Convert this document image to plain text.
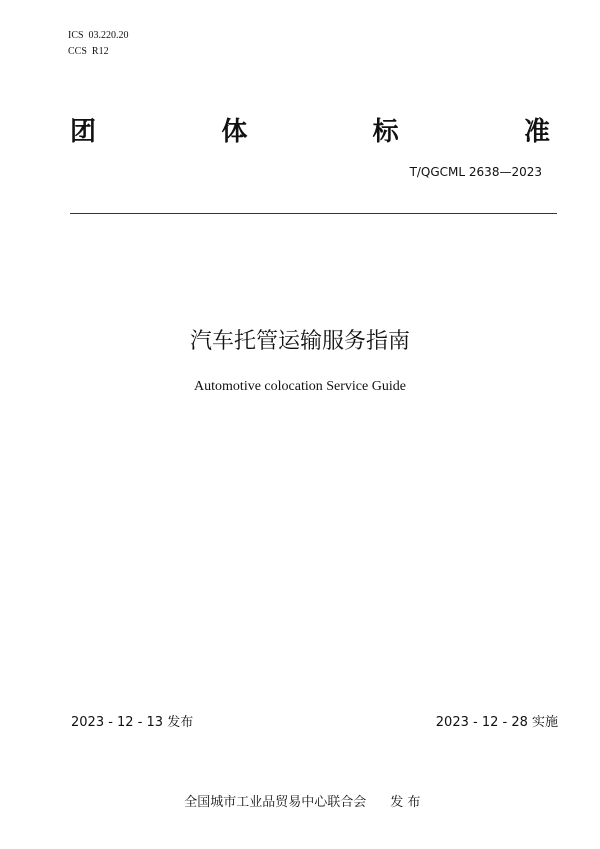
ICS  03.220.20
CCS  R12
团	体	标	准
T/QGCML 2638—2023
汽车托管运输服务指南
Automotive colocation Service Guide
2023 - 12 - 13 发布	2023 - 12 - 28 实施

全国城市工业品贸易中心联合会 发 布
